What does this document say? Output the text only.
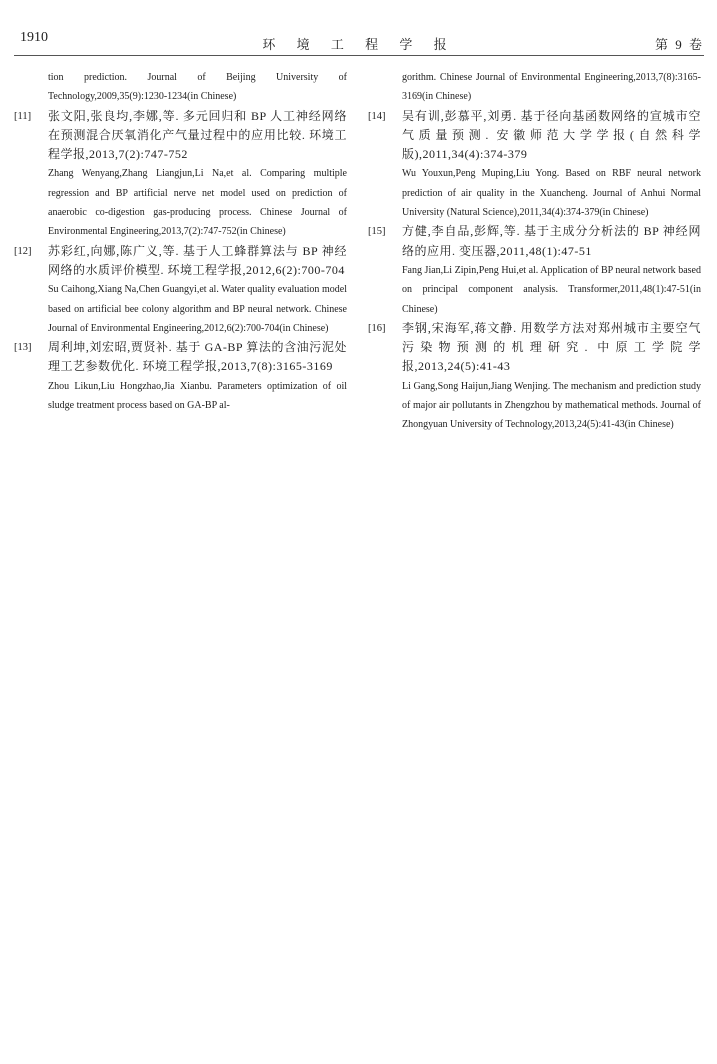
1910	环 境 工 程 学 报	第 9 卷
tion prediction. Journal of Beijing University of Technology,2009,35(9):1230-1234(in Chinese)
[11] 张文阳,张良均,李娜,等. 多元回归和 BP 人工神经网络在预测混合厌氧消化产气量过程中的应用比较. 环境工程学报,2013,7(2):747-752
Zhang Wenyang,Zhang Liangjun,Li Na,et al. Comparing multiple regression and BP artificial nerve net model used on prediction of anaerobic co-digestion gas-producing process. Chinese Journal of Environmental Engineering,2013,7(2):747-752(in Chinese)
[12] 苏彩红,向娜,陈广义,等. 基于人工蜂群算法与 BP 神经网络的水质评价模型. 环境工程学报,2012,6(2):700-704
Su Caihong,Xiang Na,Chen Guangyi,et al. Water quality evaluation model based on artificial bee colony algorithm and BP neural network. Chinese Journal of Environmental Engineering,2012,6(2):700-704(in Chinese)
[13] 周利坤,刘宏昭,贾贤补. 基于 GA-BP 算法的含油污泥处理工艺参数优化. 环境工程学报,2013,7(8):3165-3169
Zhou Likun,Liu Hongzhao,Jia Xianbu. Parameters optimization of oil sludge treatment process based on GA-BP al-
gorithm. Chinese Journal of Environmental Engineering,2013,7(8):3165-3169(in Chinese)
[14] 吴有训,彭慕平,刘勇. 基于径向基函数网络的宣城市空气质量预测. 安徽师范大学学报(自然科学版),2011,34(4):374-379
Wu Youxun,Peng Muping,Liu Yong. Based on RBF neural network prediction of air quality in the Xuancheng. Journal of Anhui Normal University (Natural Science),2011,34(4):374-379(in Chinese)
[15] 方健,李自品,彭辉,等. 基于主成分分析法的 BP 神经网络的应用. 变压器,2011,48(1):47-51
Fang Jian,Li Zipin,Peng Hui,et al. Application of BP neural network based on principal component analysis. Transformer,2011,48(1):47-51(in Chinese)
[16] 李钢,宋海军,蒋文静. 用数学方法对郑州城市主要空气污染物预测的机理研究. 中原工学院学报,2013,24(5):41-43
Li Gang,Song Haijun,Jiang Wenjing. The mechanism and prediction study of major air pollutants in Zhengzhou by mathematical methods. Journal of Zhongyuan University of Technology,2013,24(5):41-43(in Chinese)
